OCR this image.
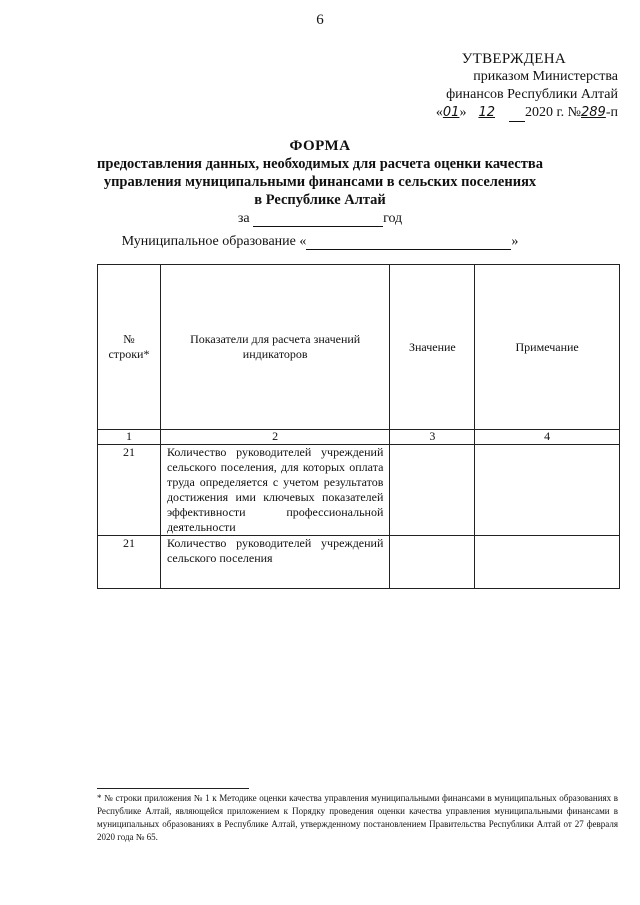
6
УТВЕРЖДЕНА
приказом Министерства
финансов Республики Алтай
«01» 12 2020 г. №289-п
ФОРМА
предоставления данных, необходимых для расчета оценки качества
управления муниципальными финансами в сельских поселениях
в Республике Алтай
за	год
Муниципальное образование «	»
№ строки*	Показатели для расчета значений индикаторов	Значение	Примечание
1	2	3	4
21	Количество руководителей учреждений сельского поселения, для которых оплата труда определяется с учетом результатов достижения ими ключевых показателей эффективности профессиональной деятельности		
21	Количество руководителей учреждений сельского поселения		
* № строки приложения № 1 к Методике оценки качества управления муниципальными финансами в муниципальных образованиях в Республике Алтай, являющейся приложением к Порядку проведения оценки качества управления муниципальными финансами в муниципальных образованиях в Республике Алтай, утвержденному постановлением Правительства Республики Алтай от 27 февраля 2020 года № 65.
